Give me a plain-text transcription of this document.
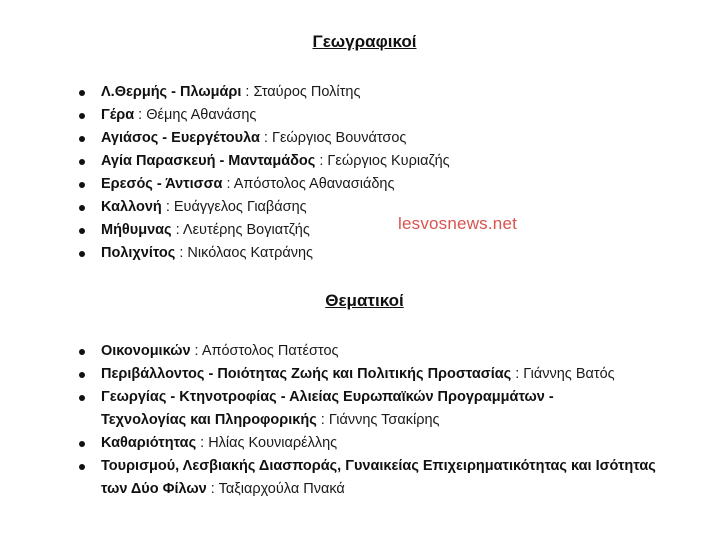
Γεωγραφικοί
Λ.Θερμής - Πλωμάρι : Σταύρος Πολίτης
Γέρα : Θέμης Αθανάσης
Αγιάσος - Ευεργέτουλα : Γεώργιος Βουνάτσος
Αγία Παρασκευή - Μανταμάδος : Γεώργιος Κυριαζής
Ερεσός - Άντισσα : Απόστολος Αθανασιάδης
Καλλονή : Ευάγγελος Γιαβάσης
Μήθυμνας : Λευτέρης Βογιατζής
Πολιχνίτος : Νικόλαος Κατράνης
lesvosnews.net
Θεματικοί
Οικονομικών : Απόστολος Πατέστος
Περιβάλλοντος - Ποιότητας Ζωής και Πολιτικής Προστασίας : Γιάννης Βατός
Γεωργίας - Κτηνοτροφίας - Αλιείας Ευρωπαϊκών Προγραμμάτων - Τεχνολογίας και Πληροφορικής : Γιάννης Τσακίρης
Καθαριότητας : Ηλίας Κουνιαρέλλης
Τουρισμού, Λεσβιακής Διασποράς, Γυναικείας Επιχειρηματικότητας και Ισότητας των Δύο Φίλων : Ταξιαρχούλα Πνακά
